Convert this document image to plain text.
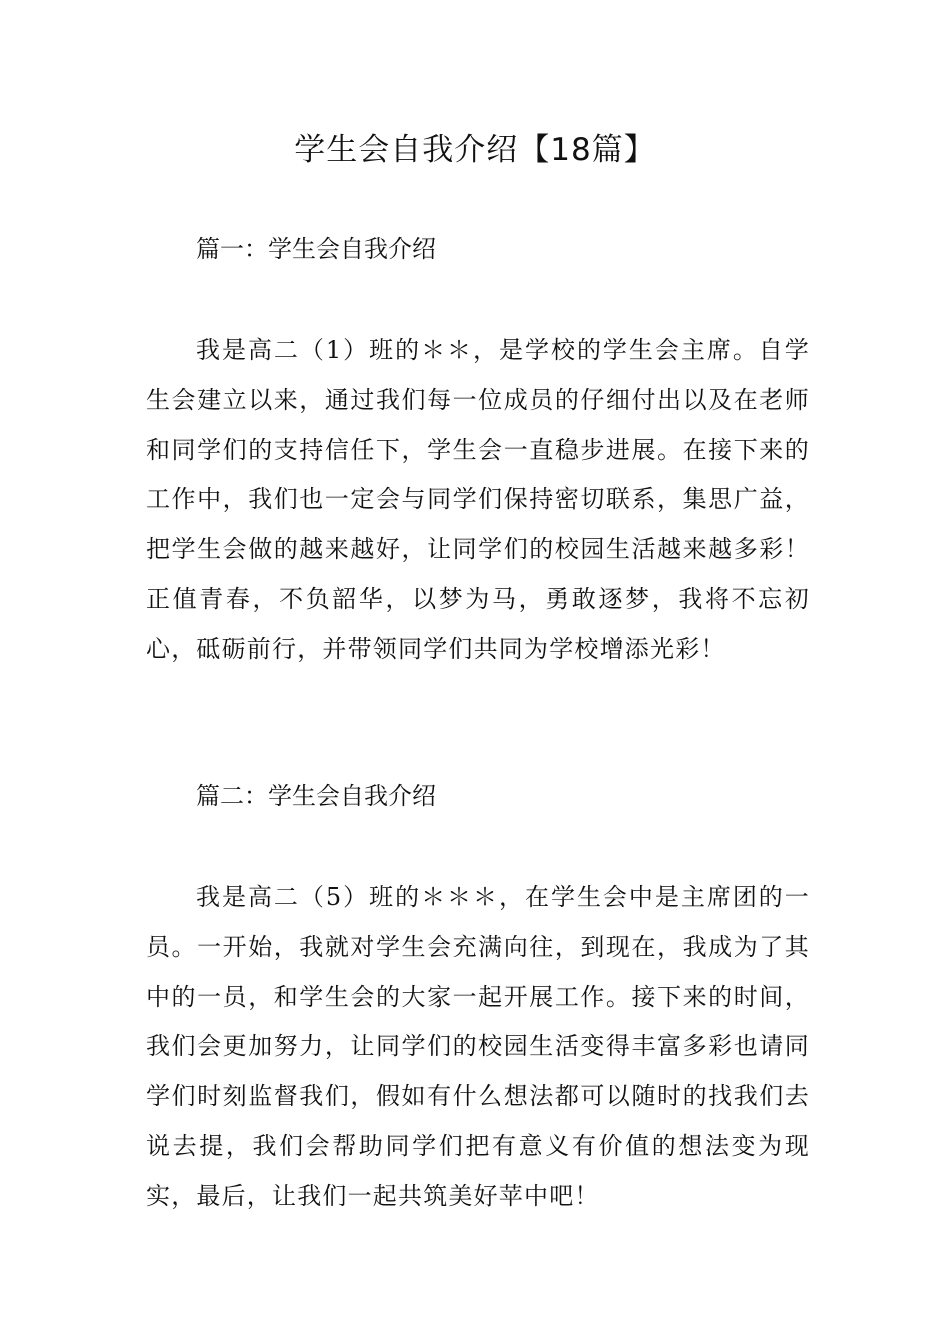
学生会自我介绍【18篇】
篇一：学生会自我介绍

我是高二（1）班的＊＊，是学校的学生会主席。自学生会建立以来，通过我们每一位成员的仔细付出以及在老师和同学们的支持信任下，学生会一直稳步进展。在接下来的工作中，我们也一定会与同学们保持密切联系，集思广益，把学生会做的越来越好，让同学们的校园生活越来越多彩！正值青春，不负韶华，以梦为马，勇敢逐梦，我将不忘初心，砥砺前行，并带领同学们共同为学校增添光彩！

篇二：学生会自我介绍

我是高二（5）班的＊＊＊，在学生会中是主席团的一员。一开始，我就对学生会充满向往，到现在，我成为了其中的一员，和学生会的大家一起开展工作。接下来的时间，我们会更加努力，让同学们的校园生活变得丰富多彩也请同学们时刻监督我们，假如有什么想法都可以随时的找我们去说去提，我们会帮助同学们把有意义有价值的想法变为现实，最后，让我们一起共筑美好苹中吧！
